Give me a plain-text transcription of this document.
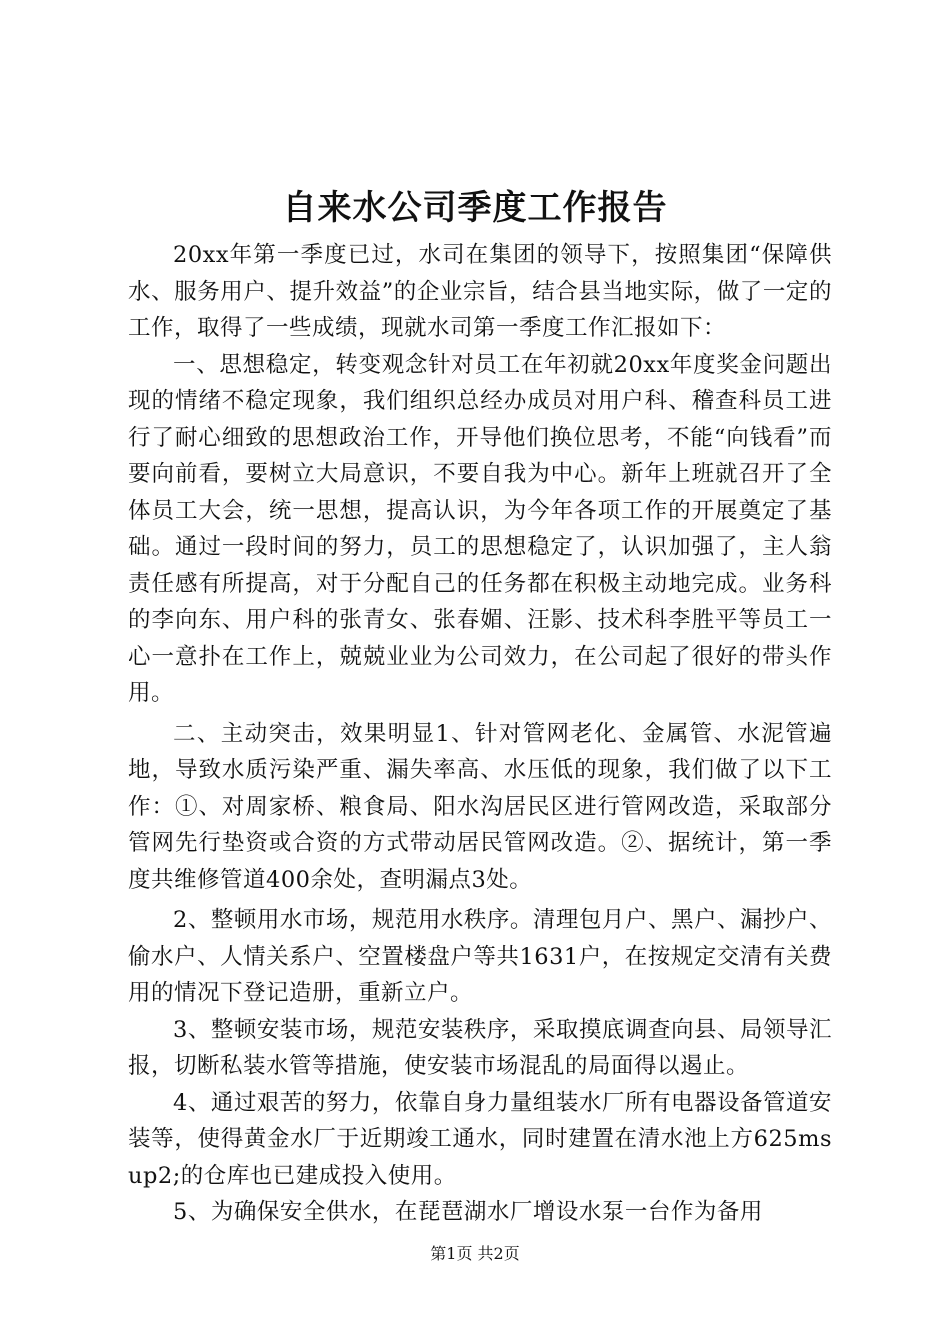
自来水公司季度工作报告

20xx年第一季度已过，水司在集团的领导下，按照集团“保障供水、服务用户、提升效益”的企业宗旨，结合县当地实际，做了一定的工作，取得了一些成绩，现就水司第一季度工作汇报如下：

一、思想稳定，转变观念针对员工在年初就20xx年度奖金问题出现的情绪不稳定现象，我们组织总经办成员对用户科、稽查科员工进行了耐心细致的思想政治工作，开导他们换位思考，不能“向钱看”而要向前看，要树立大局意识，不要自我为中心。新年上班就召开了全体员工大会，统一思想，提高认识，为今年各项工作的开展奠定了基础。通过一段时间的努力，员工的思想稳定了，认识加强了，主人翁责任感有所提高，对于分配自己的任务都在积极主动地完成。业务科的李向东、用户科的张青女、张春媚、汪影、技术科李胜平等员工一心一意扑在工作上，兢兢业业为公司效力，在公司起了很好的带头作用。

二、主动突击，效果明显1、针对管网老化、金属管、水泥管遍地，导致水质污染严重、漏失率高、水压低的现象，我们做了以下工作：①、对周家桥、粮食局、阳水沟居民区进行管网改造，采取部分管网先行垫资或合资的方式带动居民管网改造。②、据统计，第一季度共维修管道400余处，查明漏点3处。

2、整顿用水市场，规范用水秩序。清理包月户、黑户、漏抄户、偷水户、人情关系户、空置楼盘户等共1631户，在按规定交清有关费用的情况下登记造册，重新立户。

3、整顿安装市场，规范安装秩序，采取摸底调查向县、局领导汇报，切断私装水管等措施，使安装市场混乱的局面得以遏止。

4、通过艰苦的努力，依靠自身力量组装水厂所有电器设备管道安装等，使得黄金水厂于近期竣工通水，同时建置在清水池上方625msup2;的仓库也已建成投入使用。

5、为确保安全供水，在琵琶湖水厂增设水泵一台作为备用

第1页 共2页
